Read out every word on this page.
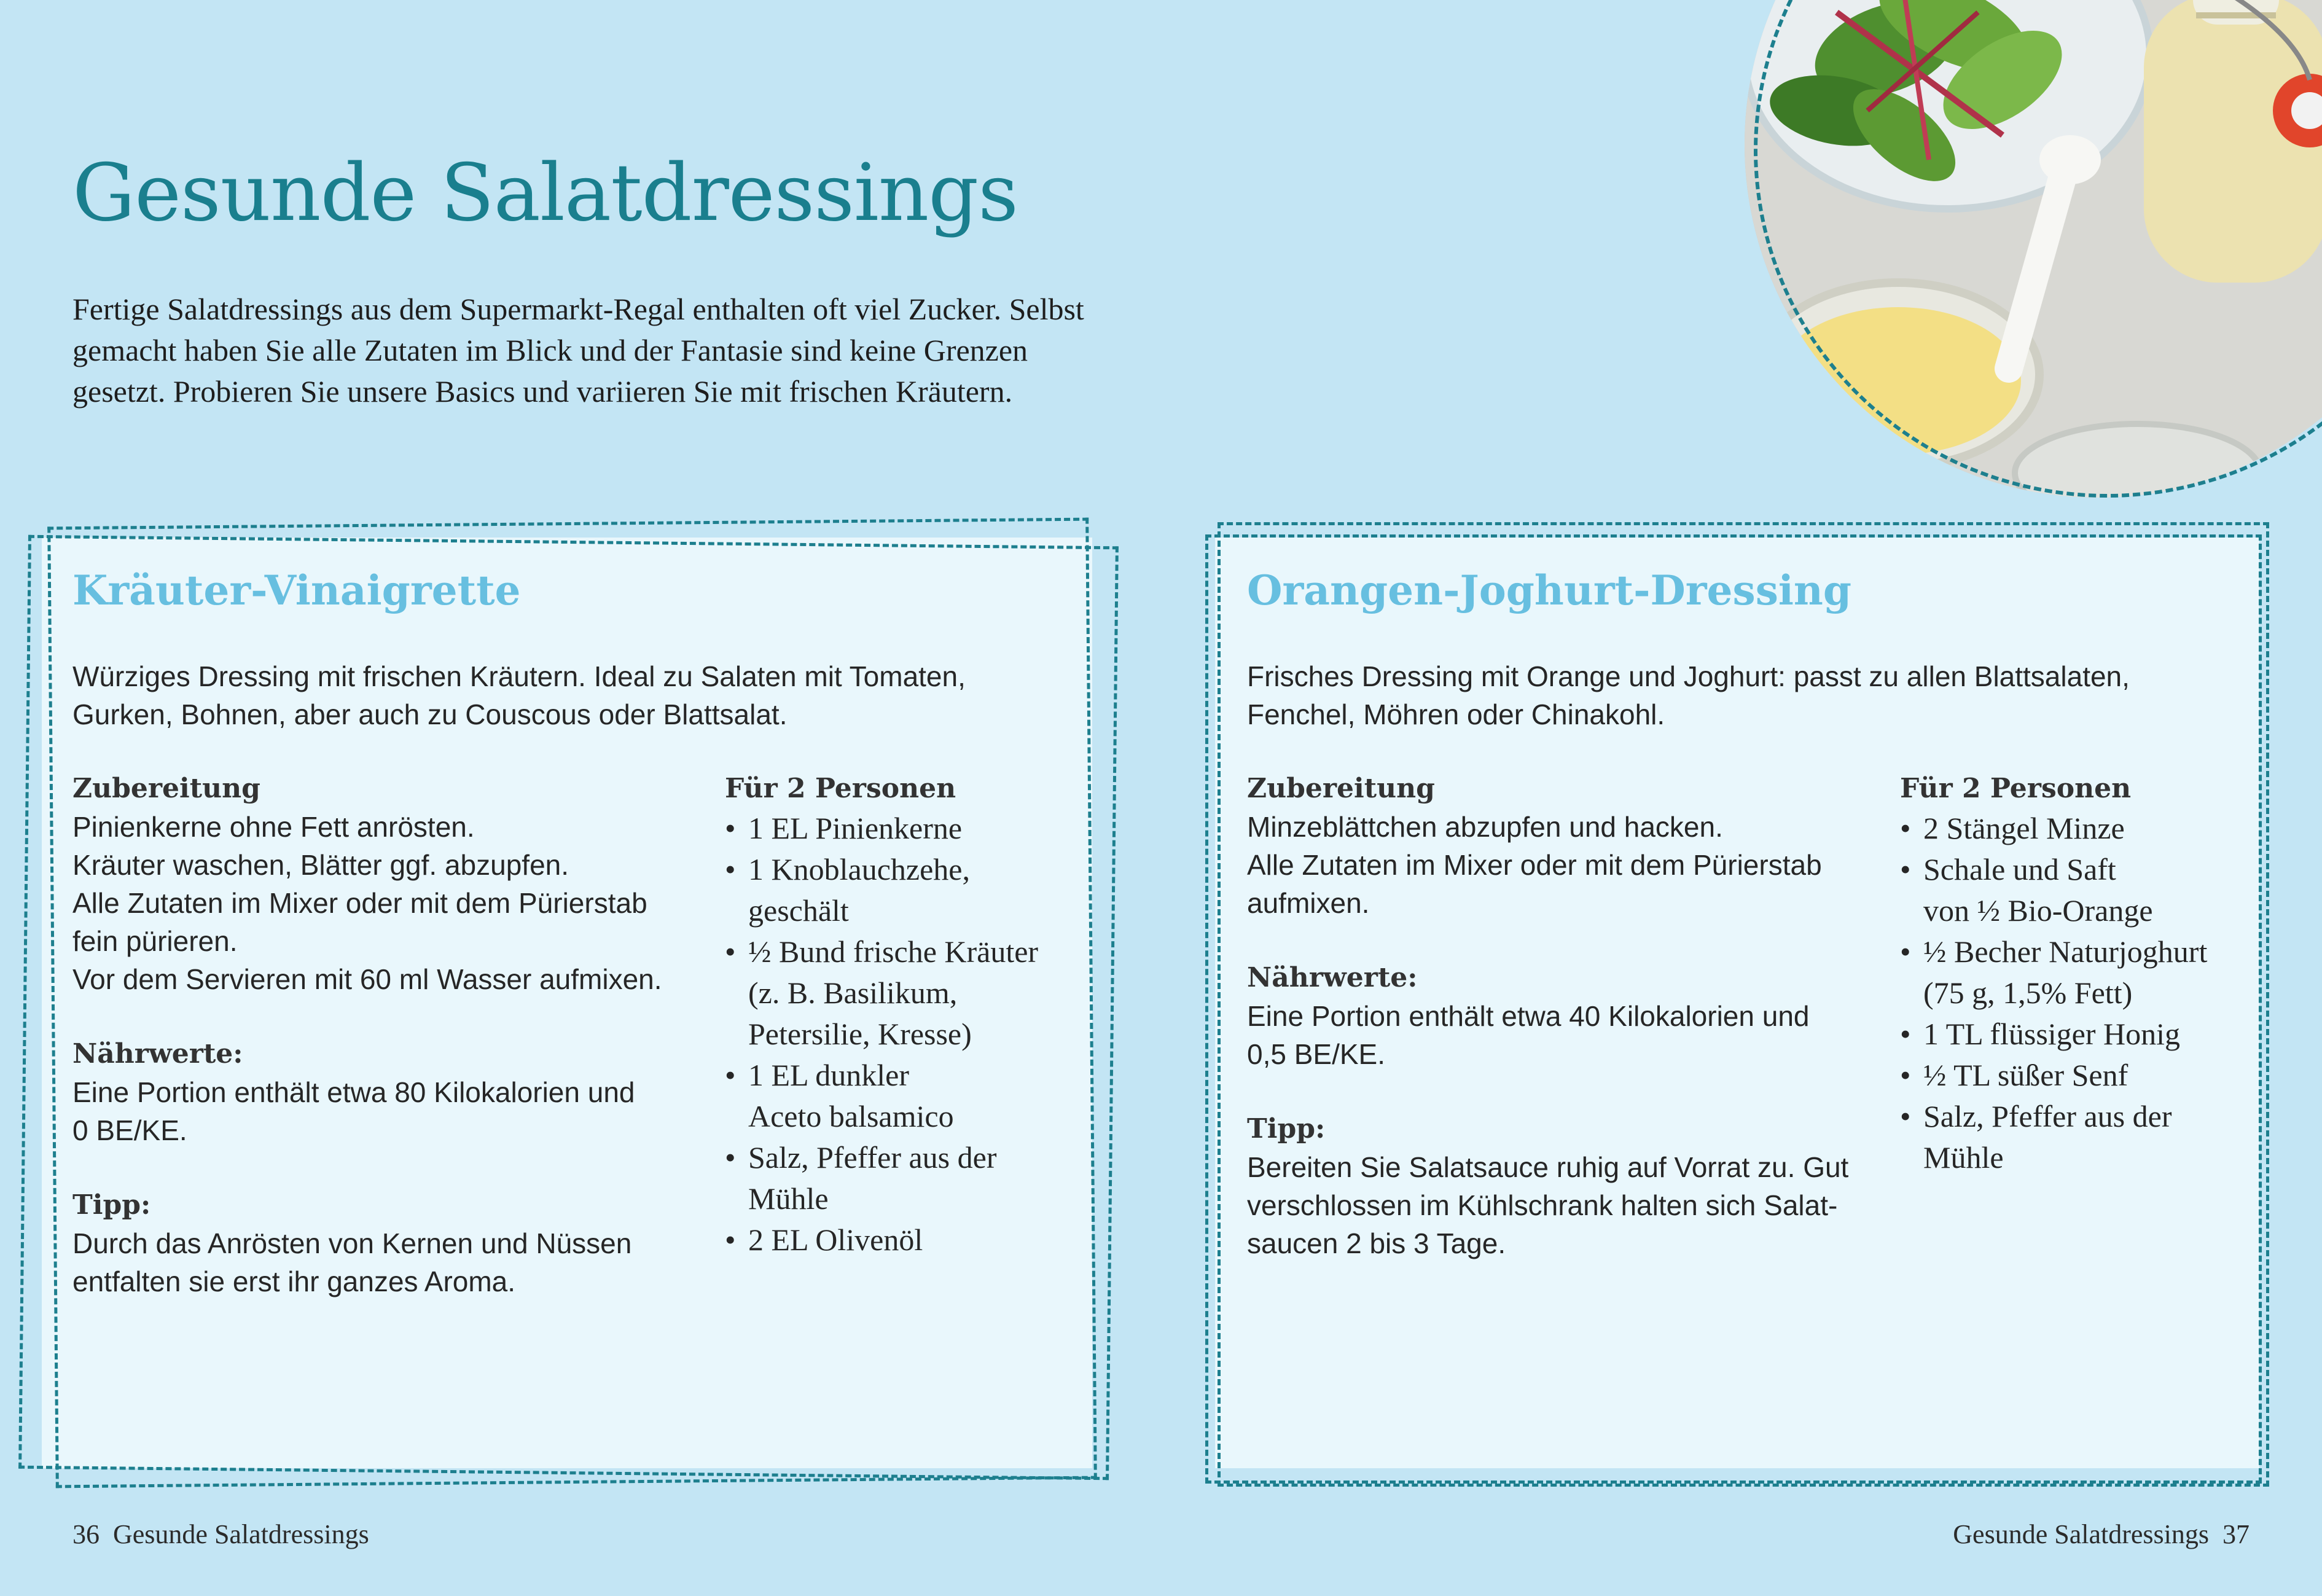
Gesunde Salatdressings
Fertige Salatdressings aus dem Supermarkt-Regal enthalten oft viel Zucker. Selbst gemacht haben Sie alle Zutaten im Blick und der Fantasie sind keine Grenzen gesetzt. Probieren Sie unsere Basics und variieren Sie mit frischen Kräutern.
Kräuter-Vinaigrette
Würziges Dressing mit frischen Kräutern. Ideal zu Salaten mit Tomaten, Gurken, Bohnen, aber auch zu Couscous oder Blattsalat.
Zubereitung

Pinienkerne ohne Fett anrösten.

Kräuter waschen, Blätter ggf. abzupfen.

Alle Zutaten im Mixer oder mit dem Pürierstab

fein pürieren.

Vor dem Servieren mit 60 ml Wasser aufmixen.

Nährwerte:

Eine Portion enthält etwa 80 Kilokalorien und

0 BE/KE.

Tipp:

Durch das Anrösten von Kernen und Nüssen

entfalten sie erst ihr ganzes Aroma.

Für 2 Personen
• 1 EL Pinienkerne
• 1 Knoblauchzehe,
geschält
• ½ Bund frische Kräuter
(z. B. Basilikum,
Petersilie, Kresse)
• 1 EL dunkler
Aceto balsamico
• Salz, Pfeffer aus der
Mühle
• 2 EL Olivenöl
Orangen-Joghurt-Dressing
Frisches Dressing mit Orange und Joghurt: passt zu allen Blattsalaten, Fenchel, Möhren oder Chinakohl.
Zubereitung

Minzeblättchen abzupfen und hacken.

Alle Zutaten im Mixer oder mit dem Pürierstab

aufmixen.

Nährwerte:

Eine Portion enthält etwa 40 Kilokalorien und

0,5 BE/KE.

Tipp:

Bereiten Sie Salatsauce ruhig auf Vorrat zu. Gut

verschlossen im Kühlschrank halten sich Salat-

saucen 2 bis 3 Tage.

Für 2 Personen
• 2 Stängel Minze
• Schale und Saft
von ½ Bio-Orange
• ½ Becher Naturjoghurt
(75 g, 1,5% Fett)
• 1 TL flüssiger Honig
• ½ TL süßer Senf
• Salz, Pfeffer aus der
Mühle
36 Gesunde Salatdressings	Gesunde Salatdressings 37
